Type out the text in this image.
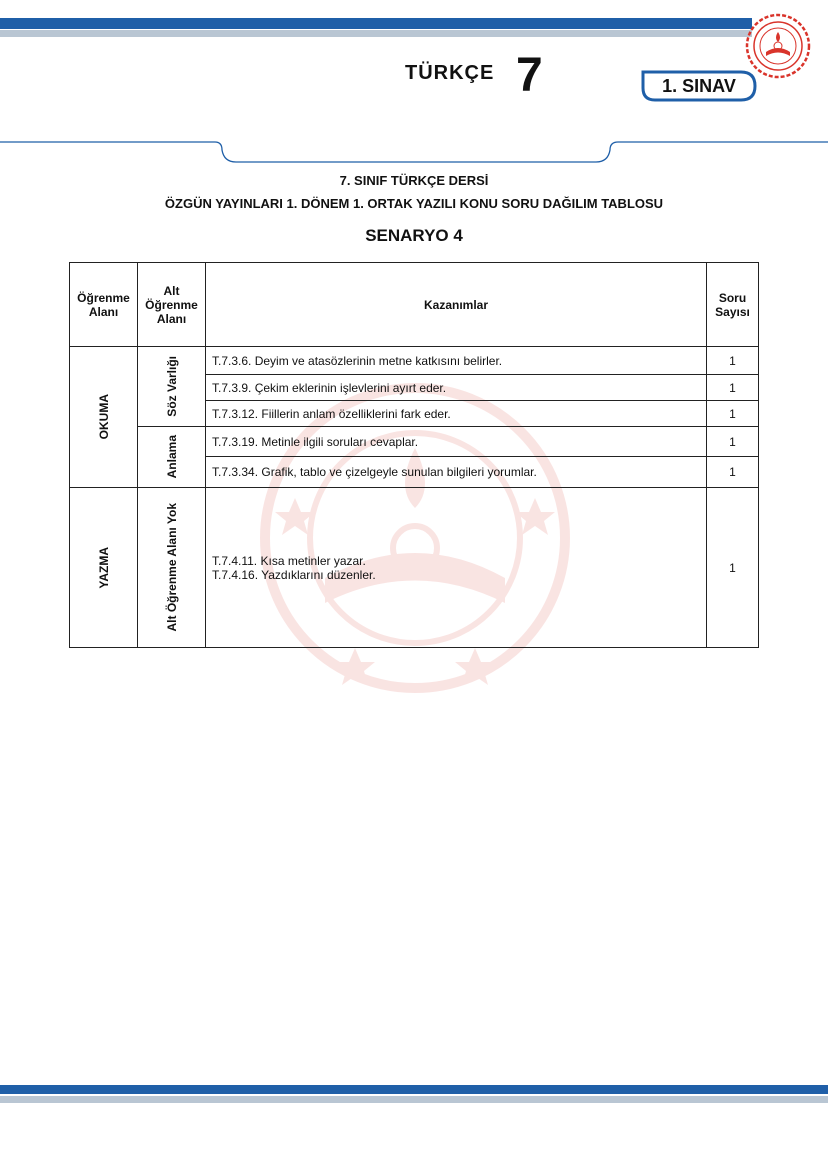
TÜRKÇE 7	1. SINAV
7. SINIF TÜRKÇE DERSİ
ÖZGÜN YAYINLARI 1. DÖNEM 1. ORTAK YAZILI KONU SORU DAĞILIM TABLOSU
SENARYO 4
Öğrenme Alanı	Alt Öğrenme Alanı	Kazanımlar	Soru Sayısı

OKUMA	Söz Varlığı	T.7.3.6. Deyim ve atasözlerinin metne katkısını belirler.	1
		T.7.3.9. Çekim eklerinin işlevlerini ayırt eder.	1
		T.7.3.12. Fiillerin anlam özelliklerini fark eder.	1

	Anlama	T.7.3.19. Metinle ilgili soruları cevaplar.	1
		T.7.3.34. Grafik, tablo ve çizelgeyle sunulan bilgileri yorumlar.	1

YAZMA	Alt Öğrenme Alanı Yok	T.7.4.11. Kısa metinler yazar.
T.7.4.16. Yazdıklarını düzenler.	1
